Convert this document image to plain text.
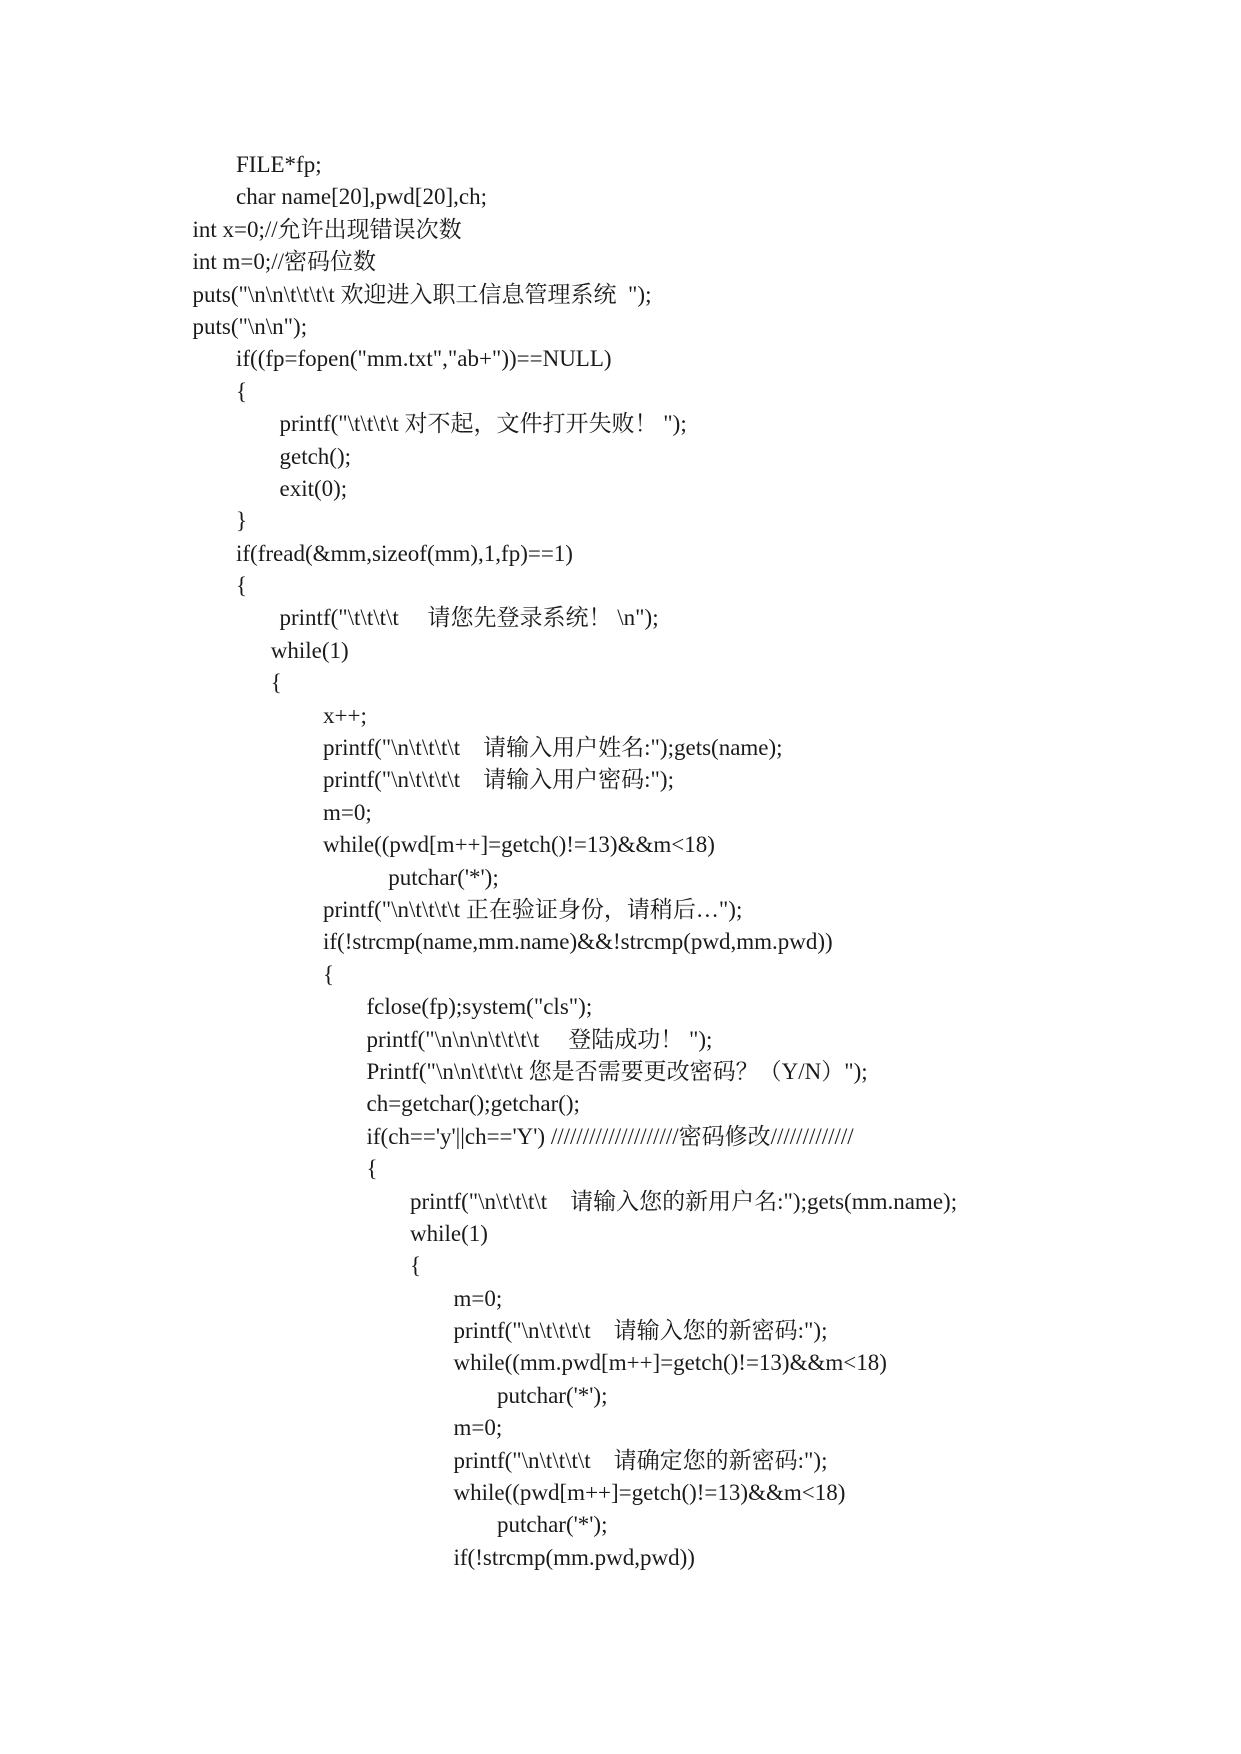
FILE*fp;
char name[20],pwd[20],ch;
int x=0;//允许出现错误次数
int m=0;//密码位数
puts("\n\n\t\t\t\t 欢迎进入职工信息管理系统  ");
puts("\n\n");
if((fp=fopen("mm.txt","ab+"))==NULL)
{
printf("\t\t\t\t 对不起，文件打开失败！ ");
getch();
exit(0);
}
if(fread(&mm,sizeof(mm),1,fp)==1)
{
printf("\t\t\t\t     请您先登录系统！ \n");
while(1)
{
x++;
printf("\n\t\t\t\t    请输入用户姓名:");gets(name);
printf("\n\t\t\t\t    请输入用户密码:");
m=0;
while((pwd[m++]=getch()!=13)&&m<18)
putchar('*');
printf("\n\t\t\t\t 正在验证身份，请稍后…");
if(!strcmp(name,mm.name)&&!strcmp(pwd,mm.pwd))
{
fclose(fp);system("cls");
printf("\n\n\n\t\t\t\t     登陆成功！ ");
Printf("\n\n\t\t\t\t 您是否需要更改密码？（Y/N）");
ch=getchar();getchar();
if(ch=='y'||ch=='Y') ////////////////////密码修改/////////////
{
printf("\n\t\t\t\t    请输入您的新用户名:");gets(mm.name);
while(1)
{
m=0;
printf("\n\t\t\t\t    请输入您的新密码:");
while((mm.pwd[m++]=getch()!=13)&&m<18)
putchar('*');
m=0;
printf("\n\t\t\t\t    请确定您的新密码:");
while((pwd[m++]=getch()!=13)&&m<18)
putchar('*');
if(!strcmp(mm.pwd,pwd))
